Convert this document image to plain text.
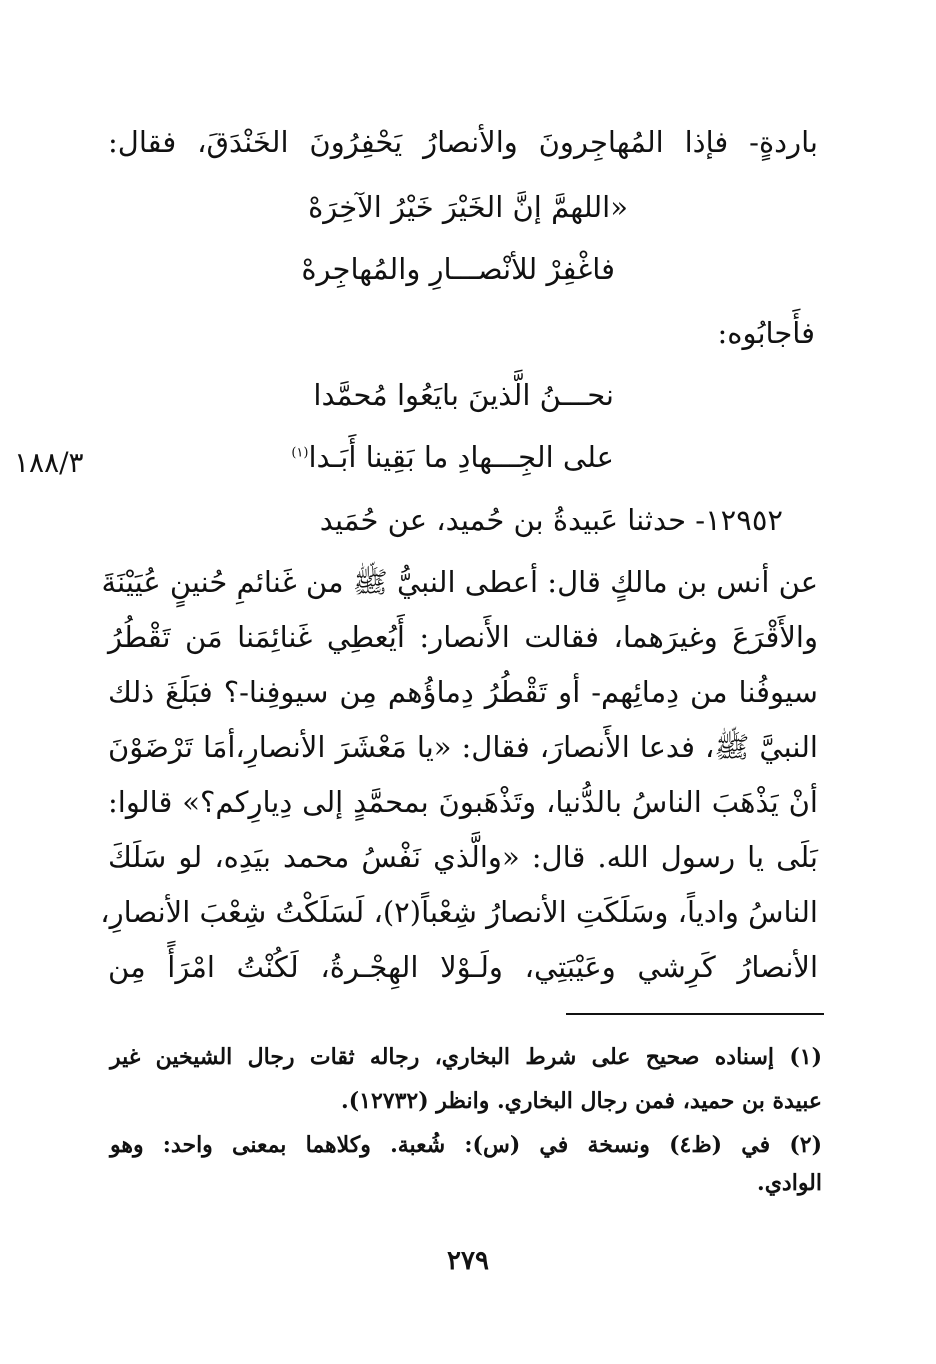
باردةٍ- فإذا المُهاجِرونَ والأنصارُ يَحْفِرُونَ الخَنْدَقَ، فقال:
«اللهمَّ إنَّ الخَيْرَ خَيْرُ الآخِرَهْ
فاغْفِرْ للأنْصـــارِ والمُهاجِرهْ
فأَجابُوه:
نحـــنُ الَّذينَ بايَعُوا مُحمَّدا
على الجِـــهادِ ما بَقِينا أَبَـدا$^{(١)}$
١٨٨/٣
١٢٩٥٢- حدثنا عَبيدةُ بن حُميد، عن حُمَيد
عن أنس بن مالكٍ قال: أعطى النبيُّ ﷺ من غَنائمِ حُنينٍ عُيَيْنَةَ
والأَقْرَعَ وغيرَهما، فقالت الأَنصار: أَيُعطِي غَنائِمَنا مَن تَقْطُرُ
سيوفُنا من دِمائِهم- أو تَقْطُرُ دِماؤُهم مِن سيوفِنا-؟ فبَلَغَ ذلك
النبيَّ ﷺ، فدعا الأَنصارَ، فقال: «يا مَعْشَرَ الأنصارِ،أمَا تَرْضَوْنَ
أنْ يَذْهَبَ الناسُ بالدُّنيا، وتَذْهَبونَ بمحمَّدٍ إلى دِيارِكم؟» قالوا:
بَلَى يا رسول الله. قال: «والَّذي نَفْسُ محمد بيَدِه، لو سَلَكَ
الناسُ وادياً، وسَلَكَتِ الأنصارُ شِعْباً(٢)، لَسَلَكْتُ شِعْبَ الأنصارِ،
الأنصارُ كَرِشي وعَيْبَتِي، ولَـوْلا الهِجْـرةُ، لَكُنْتُ امْرَأً مِن
(١) إسناده صحيح على شرط البخاري، رجاله ثقات رجال الشيخين غير
عبيدة بن حميد، فمن رجال البخاري. وانظر (١٢٧٣٢).
(٢) في (ظ٤) ونسخة في (س): شُعبة. وكلاهما بمعنى واحد: وهو
الوادي.
٢٧٩
